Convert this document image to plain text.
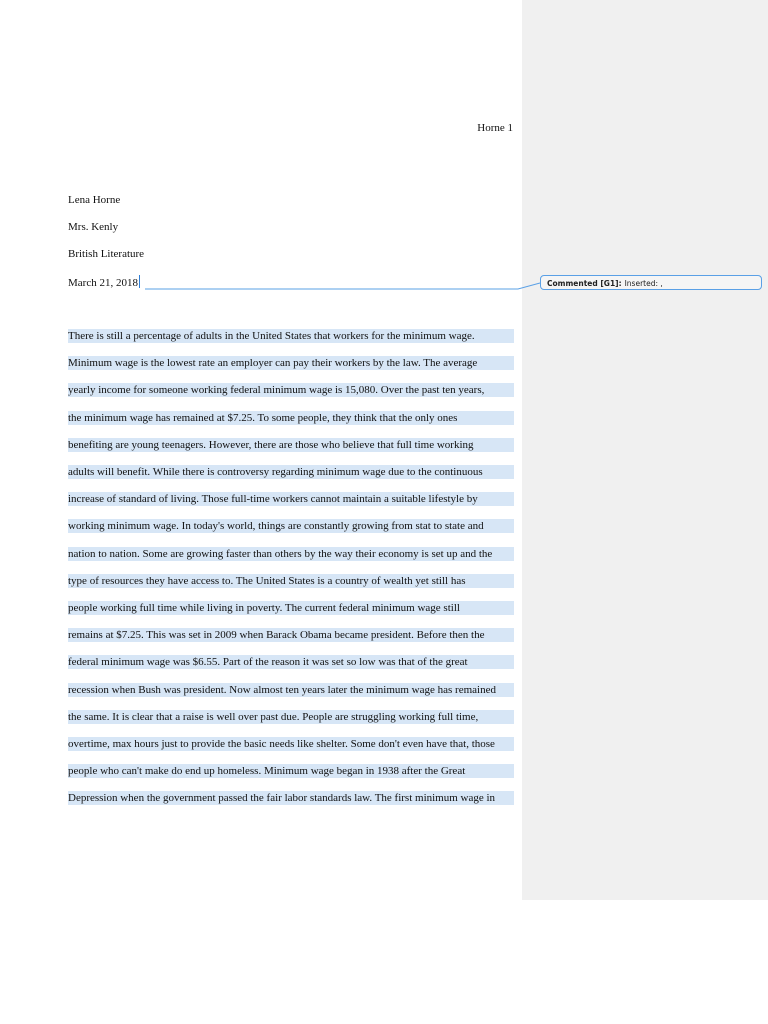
Horne 1
Lena Horne
Mrs. Kenly
British Literature
March 21, 2018
There is still a percentage of adults in the United States that workers for the minimum wage.
Minimum wage is the lowest rate an employer can pay their workers by the law. The average
yearly income for someone working federal minimum wage is 15,080. Over the past ten years,
the minimum wage has remained at $7.25. To some people, they think that the only ones
benefiting are young teenagers. However, there are those who believe that full time working
adults will benefit. While there is controversy regarding minimum wage due to the continuous
increase of standard of living. Those full-time workers cannot maintain a suitable lifestyle by
working minimum wage. In today's world, things are constantly growing from stat to state and
nation to nation. Some are growing faster than others by the way their economy is set up and the
type of resources they have access to. The United States is a country of wealth yet still has
people working full time while living in poverty. The current federal minimum wage still
remains at $7.25. This was set in 2009 when Barack Obama became president. Before then the
federal minimum wage was $6.55. Part of the reason it was set so low was that of the great
recession when Bush was president. Now almost ten years later the minimum wage has remained
the same. It is clear that a raise is well over past due. People are struggling working full time,
overtime, max hours just to provide the basic needs like shelter. Some don't even have that, those
people who can't make do end up homeless. Minimum wage began in 1938 after the Great
Depression when the government passed the fair labor standards law. The first minimum wage in
Commented [G1]: Inserted: ,
